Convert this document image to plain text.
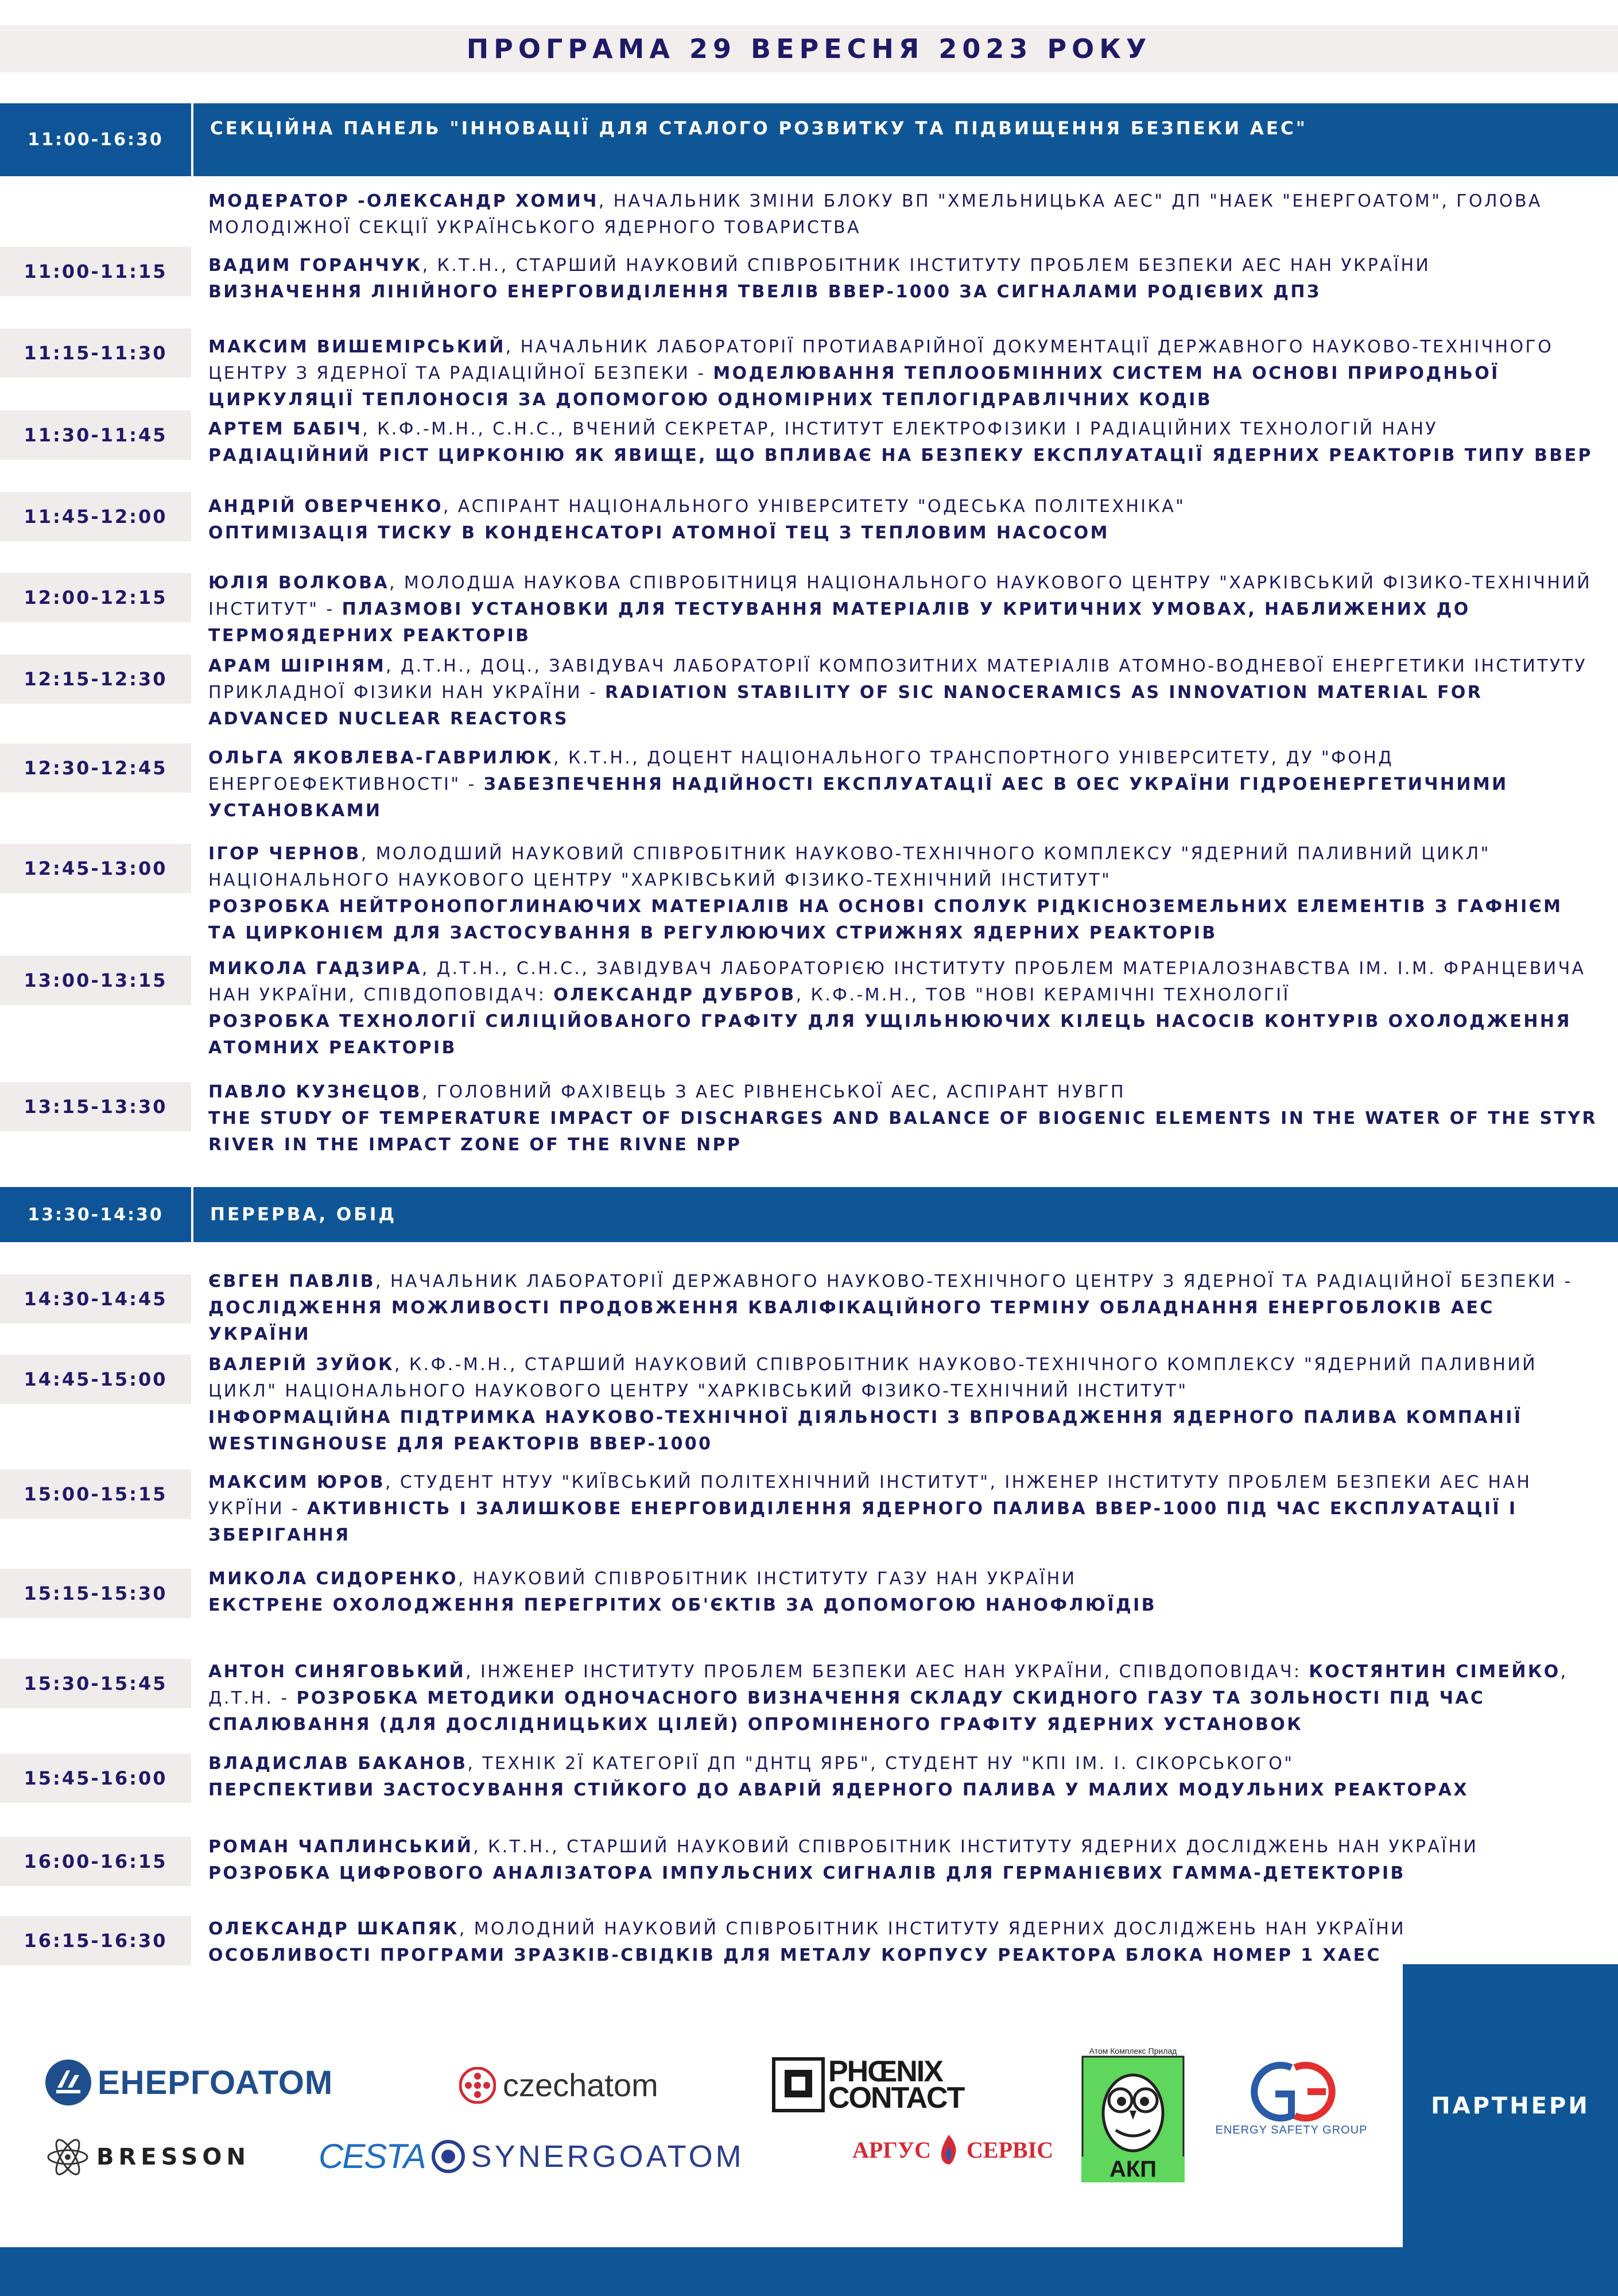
ПРОГРАМА 29 ВЕРЕСНЯ 2023 РОКУ
11:00-16:30
СЕКЦІЙНА ПАНЕЛЬ "ІННОВАЦІЇ ДЛЯ СТАЛОГО РОЗВИТКУ ТА ПІДВИЩЕННЯ БЕЗПЕКИ АЕС"
МОДЕРАТОР -ОЛЕКСАНДР ХОМИЧ, НАЧАЛЬНИК ЗМІНИ БЛОКУ ВП "ХМЕЛЬНИЦЬКА АЕС" ДП "НАЕК "ЕНЕРГОАТОМ", ГОЛОВА МОЛОДІЖНОЇ СЕКЦІЇ УКРАЇНСЬКОГО ЯДЕРНОГО ТОВАРИСТВА
11:00-11:15	ВАДИМ ГОРАНЧУК, К.Т.Н., СТАРШИЙ НАУКОВИЙ СПІВРОБІТНИК ІНСТИТУТУ ПРОБЛЕМ БЕЗПЕКИ АЕС НАН УКРАЇНИ
ВИЗНАЧЕННЯ ЛІНІЙНОГО ЕНЕРГОВИДІЛЕННЯ ТВЕЛІВ ВВЕР-1000 ЗА СИГНАЛАМИ РОДІЄВИХ ДПЗ
11:15-11:30	МАКСИМ ВИШЕМІРСЬКИЙ, НАЧАЛЬНИК ЛАБОРАТОРІЇ ПРОТИАВАРІЙНОЇ ДОКУМЕНТАЦІЇ ДЕРЖАВНОГО НАУКОВО-ТЕХНІЧНОГО ЦЕНТРУ З ЯДЕРНОЇ ТА РАДІАЦІЙНОЇ БЕЗПЕКИ - МОДЕЛЮВАННЯ ТЕПЛООБМІННИХ СИСТЕМ НА ОСНОВІ ПРИРОДНЬОЇ ЦИРКУЛЯЦІЇ ТЕПЛОНОСІЯ ЗА ДОПОМОГОЮ ОДНОМІРНИХ ТЕПЛОГІДРАВЛІЧНИХ КОДІВ
11:30-11:45	АРТЕМ БАБІЧ, К.Ф.-М.Н., С.Н.С., ВЧЕНИЙ СЕКРЕТАР, ІНСТИТУТ ЕЛЕКТРОФІЗИКИ І РАДІАЦІЙНИХ ТЕХНОЛОГІЙ НАНУ
РАДІАЦІЙНИЙ РІСТ ЦИРКОНІЮ ЯК ЯВИЩЕ, ЩО ВПЛИВАЄ НА БЕЗПЕКУ ЕКСПЛУАТАЦІЇ ЯДЕРНИХ РЕАКТОРІВ ТИПУ ВВЕР
11:45-12:00	АНДРІЙ ОВЕРЧЕНКО, АСПІРАНТ НАЦІОНАЛЬНОГО УНІВЕРСИТЕТУ "ОДЕСЬКА ПОЛІТЕХНІКА"
ОПТИМІЗАЦІЯ ТИСКУ В КОНДЕНСАТОРІ АТОМНОЇ ТЕЦ З ТЕПЛОВИМ НАСОСОМ
12:00-12:15
ЮЛІЯ ВОЛКОВА, МОЛОДША НАУКОВА СПІВРОБІТНИЦЯ НАЦІОНАЛЬНОГО НАУКОВОГО ЦЕНТРУ "ХАРКІВСЬКИЙ ФІЗИКО-ТЕХНІЧНИЙ ІНСТИТУТ" - ПЛАЗМОВІ УСТАНОВКИ ДЛЯ ТЕСТУВАННЯ МАТЕРІАЛІВ У КРИТИЧНИХ УМОВАХ, НАБЛИЖЕНИХ ДО ТЕРМОЯДЕРНИХ РЕАКТОРІВ
12:15-12:30
АРАМ ШІРІНЯМ, Д.Т.Н., ДОЦ., ЗАВІДУВАЧ ЛАБОРАТОРІЇ КОМПОЗИТНИХ МАТЕРІАЛІВ АТОМНО-ВОДНЕВОЇ ЕНЕРГЕТИКИ ІНСТИТУТУ ПРИКЛАДНОЇ ФІЗИКИ НАН УКРАЇНИ - RADIATION STABILITY OF SIC NANOCERAMICS AS INNOVATION MATERIAL FOR ADVANCED NUCLEAR REACTORS
12:30-12:45	ОЛЬГА ЯКОВЛЕВА-ГАВРИЛЮК, К.Т.Н., ДОЦЕНТ НАЦІОНАЛЬНОГО ТРАНСПОРТНОГО УНІВЕРСИТЕТУ, ДУ "ФОНД ЕНЕРГОЕФЕКТИВНОСТІ" - ЗАБЕЗПЕЧЕННЯ НАДІЙНОСТІ ЕКСПЛУАТАЦІЇ АЕС В ОЕС УКРАЇНИ ГІДРОЕНЕРГЕТИЧНИМИ УСТАНОВКАМИ
12:45-13:00
ІГОР ЧЕРНОВ, МОЛОДШИЙ НАУКОВИЙ СПІВРОБІТНИК НАУКОВО-ТЕХНІЧНОГО КОМПЛЕКСУ "ЯДЕРНИЙ ПАЛИВНИЙ ЦИКЛ" НАЦІОНАЛЬНОГО НАУКОВОГО ЦЕНТРУ "ХАРКІВСЬКИЙ ФІЗИКО-ТЕХНІЧНИЙ ІНСТИТУТ"
РОЗРОБКА НЕЙТРОНОПОГЛИНАЮЧИХ МАТЕРІАЛІВ НА ОСНОВІ СПОЛУК РІДКІСНОЗЕМЕЛЬНИХ ЕЛЕМЕНТІВ З ГАФНІЄМ ТА ЦИРКОНІЄМ ДЛЯ ЗАСТОСУВАННЯ В РЕГУЛЮЮЧИХ СТРИЖНЯХ ЯДЕРНИХ РЕАКТОРІВ
13:00-13:15
МИКОЛА ГАДЗИРА, Д.Т.Н., С.Н.С., ЗАВІДУВАЧ ЛАБОРАТОРІЄЮ ІНСТИТУТУ ПРОБЛЕМ МАТЕРІАЛОЗНАВСТВА ІМ. І.М. ФРАНЦЕВИЧА НАН УКРАЇНИ, СПІВДОПОВІДАЧ: ОЛЕКСАНДР ДУБРОВ, К.Ф.-М.Н., ТОВ "НОВІ КЕРАМІЧНІ ТЕХНОЛОГІЇ
РОЗРОБКА ТЕХНОЛОГІЇ СИЛІЦІЙОВАНОГО ГРАФІТУ ДЛЯ УЩІЛЬНЮЮЧИХ КІЛЕЦЬ НАСОСІВ КОНТУРІВ ОХОЛОДЖЕННЯ АТОМНИХ РЕАКТОРІВ
13:15-13:30
ПАВЛО КУЗНЄЦОВ, ГОЛОВНИЙ ФАХІВЕЦЬ З АЕС РІВНЕНСЬКОЇ АЕС, АСПІРАНТ НУВГП
THE STUDY OF TEMPERATURE IMPACT OF DISCHARGES AND BALANCE OF BIOGENIC ELEMENTS IN THE WATER OF THE STYR RIVER IN THE IMPACT ZONE OF THE RIVNE NPP
13:30-14:30	ПЕРЕРВА, ОБІД
14:30-14:45
ЄВГЕН ПАВЛІВ, НАЧАЛЬНИК ЛАБОРАТОРІЇ ДЕРЖАВНОГО НАУКОВО-ТЕХНІЧНОГО ЦЕНТРУ З ЯДЕРНОЇ ТА РАДІАЦІЙНОЇ БЕЗПЕКИ - ДОСЛІДЖЕННЯ МОЖЛИВОСТІ ПРОДОВЖЕННЯ КВАЛІФІКАЦІЙНОГО ТЕРМІНУ ОБЛАДНАННЯ ЕНЕРГОБЛОКІВ АЕС УКРАЇНИ
14:45-15:00
ВАЛЕРІЙ ЗУЙОК, К.Ф.-М.Н., СТАРШИЙ НАУКОВИЙ СПІВРОБІТНИК НАУКОВО-ТЕХНІЧНОГО КОМПЛЕКСУ "ЯДЕРНИЙ ПАЛИВНИЙ ЦИКЛ" НАЦІОНАЛЬНОГО НАУКОВОГО ЦЕНТРУ "ХАРКІВСЬКИЙ ФІЗИКО-ТЕХНІЧНИЙ ІНСТИТУТ"
ІНФОРМАЦІЙНА ПІДТРИМКА НАУКОВО-ТЕХНІЧНОЇ ДІЯЛЬНОСТІ З ВПРОВАДЖЕННЯ ЯДЕРНОГО ПАЛИВА КОМПАНІЇ WESTINGHOUSE ДЛЯ РЕАКТОРІВ ВВЕР-1000
15:00-15:15
МАКСИМ ЮРОВ, СТУДЕНТ НТУУ "КИЇВСЬКИЙ ПОЛІТЕХНІЧНИЙ ІНСТИТУТ", ІНЖЕНЕР ІНСТИТУТУ ПРОБЛЕМ БЕЗПЕКИ АЕС НАН УКРЇНИ - АКТИВНІСТЬ І ЗАЛИШКОВЕ ЕНЕРГОВИДІЛЕННЯ ЯДЕРНОГО ПАЛИВА ВВЕР-1000 ПІД ЧАС ЕКСПЛУАТАЦІЇ І ЗБЕРІГАННЯ
15:15-15:30
МИКОЛА СИДОРЕНКО, НАУКОВИЙ СПІВРОБІТНИК ІНСТИТУТУ ГАЗУ НАН УКРАЇНИ
ЕКСТРЕНЕ ОХОЛОДЖЕННЯ ПЕРЕГРІТИХ ОБ'ЄКТІВ ЗА ДОПОМОГОЮ НАНОФЛЮЇДІВ
15:30-15:45
АНТОН СИНЯГОВЬКИЙ, ІНЖЕНЕР ІНСТИТУТУ ПРОБЛЕМ БЕЗПЕКИ АЕС НАН УКРАЇНИ, СПІВДОПОВІДАЧ: КОСТЯНТИН СІМЕЙКО, Д.Т.Н. - РОЗРОБКА МЕТОДИКИ ОДНОЧАСНОГО ВИЗНАЧЕННЯ СКЛАДУ СКИДНОГО ГАЗУ ТА ЗОЛЬНОСТІ ПІД ЧАС СПАЛЮВАННЯ (ДЛЯ ДОСЛІДНИЦЬКИХ ЦІЛЕЙ) ОПРОМІНЕНОГО ГРАФІТУ ЯДЕРНИХ УСТАНОВОК
15:45-16:00
ВЛАДИСЛАВ БАКАНОВ, ТЕХНІК 2Ї КАТЕГОРІЇ ДП "ДНТЦ ЯРБ", СТУДЕНТ НУ "КПІ ІМ. І. СІКОРСЬКОГО"
ПЕРСПЕКТИВИ ЗАСТОСУВАННЯ СТІЙКОГО ДО АВАРІЙ ЯДЕРНОГО ПАЛИВА У МАЛИХ МОДУЛЬНИХ РЕАКТОРАХ
16:00-16:15
РОМАН ЧАПЛИНСЬКИЙ, К.Т.Н., СТАРШИЙ НАУКОВИЙ СПІВРОБІТНИК ІНСТИТУТУ ЯДЕРНИХ ДОСЛІДЖЕНЬ НАН УКРАЇНИ
РОЗРОБКА ЦИФРОВОГО АНАЛІЗАТОРА ІМПУЛЬСНИХ СИГНАЛІВ ДЛЯ ГЕРМАНІЄВИХ ГАММА-ДЕТЕКТОРІВ
16:15-16:30
ОЛЕКСАНДР ШКАПЯК, МОЛОДНИЙ НАУКОВИЙ СПІВРОБІТНИК ІНСТИТУТУ ЯДЕРНИХ ДОСЛІДЖЕНЬ НАН УКРАЇНИ
ОСОБЛИВОСТІ ПРОГРАМИ ЗРАЗКІВ-СВІДКІВ ДЛЯ МЕТАЛУ КОРПУСУ РЕАКТОРА БЛОКА НОМЕР 1 ХАЕС
ЕНЕРГОАТОМ	czechatom	PHŒNIX
CONTACT
Атом Комплекс Прилад
АКП
ENERGY SAFETY GROUP
BRESSON CESTA SYNERGOATOM	АРГУС СЕРВІС
ПАРТНЕРИ
